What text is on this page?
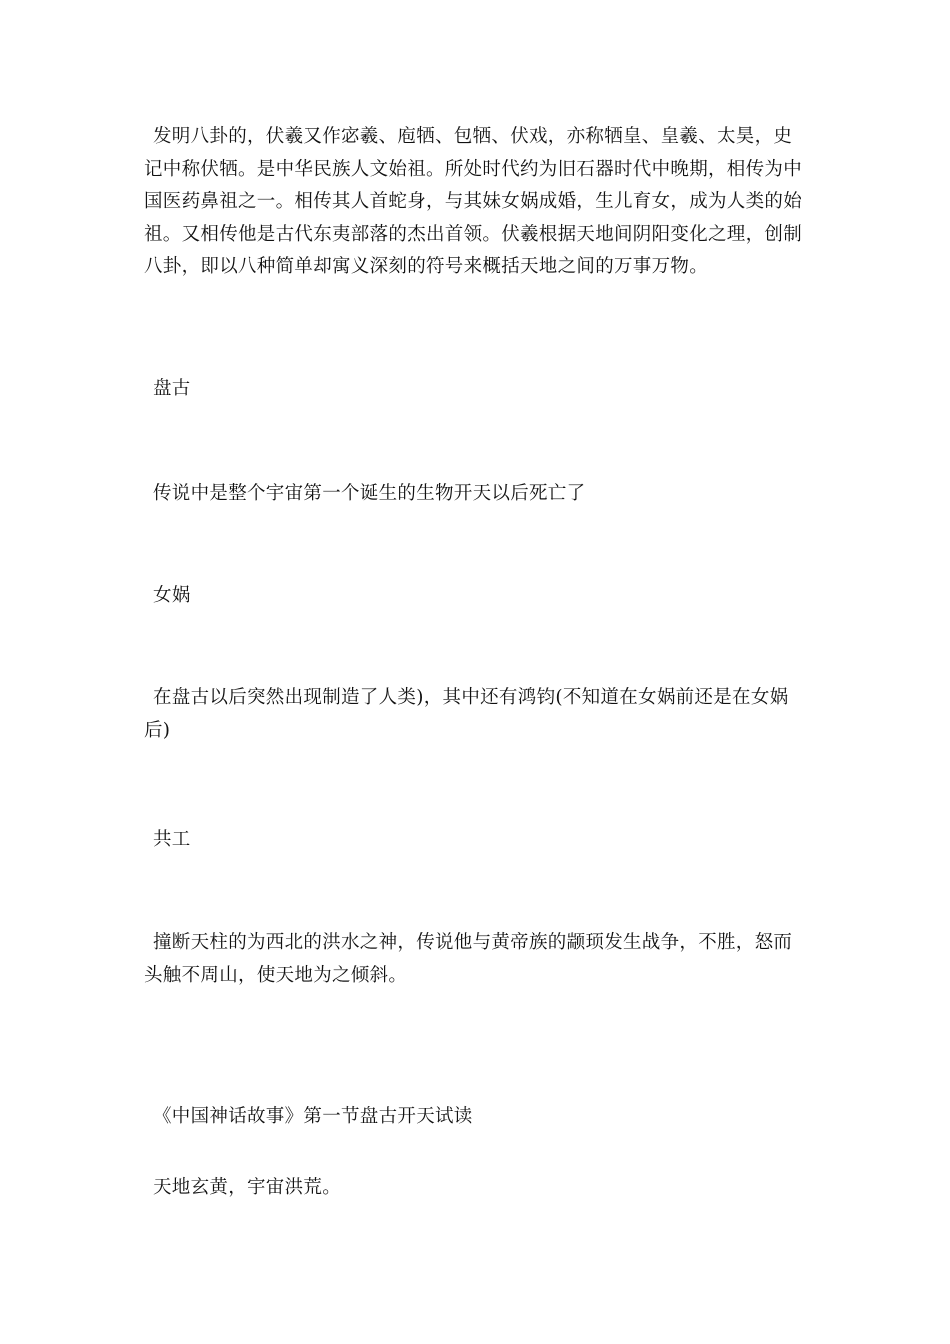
发明八卦的，伏羲又作宓羲、庖牺、包牺、伏戏，亦称牺皇、皇羲、太昊，史记中称伏牺。是中华民族人文始祖。所处时代约为旧石器时代中晚期，相传为中国医药鼻祖之一。相传其人首蛇身，与其妹女娲成婚，生儿育女，成为人类的始祖。又相传他是古代东夷部落的杰出首领。伏羲根据天地间阴阳变化之理，创制八卦，即以八种简单却寓义深刻的符号来概括天地之间的万事万物。

盘古

传说中是整个宇宙第一个诞生的生物开天以后死亡了

女娲

在盘古以后突然出现制造了人类)，其中还有鸿钧(不知道在女娲前还是在女娲后)

共工

撞断天柱的为西北的洪水之神，传说他与黄帝族的颛顼发生战争，不胜，怒而头触不周山，使天地为之倾斜。

《中国神话故事》第一节盘古开天试读

天地玄黄，宇宙洪荒。
